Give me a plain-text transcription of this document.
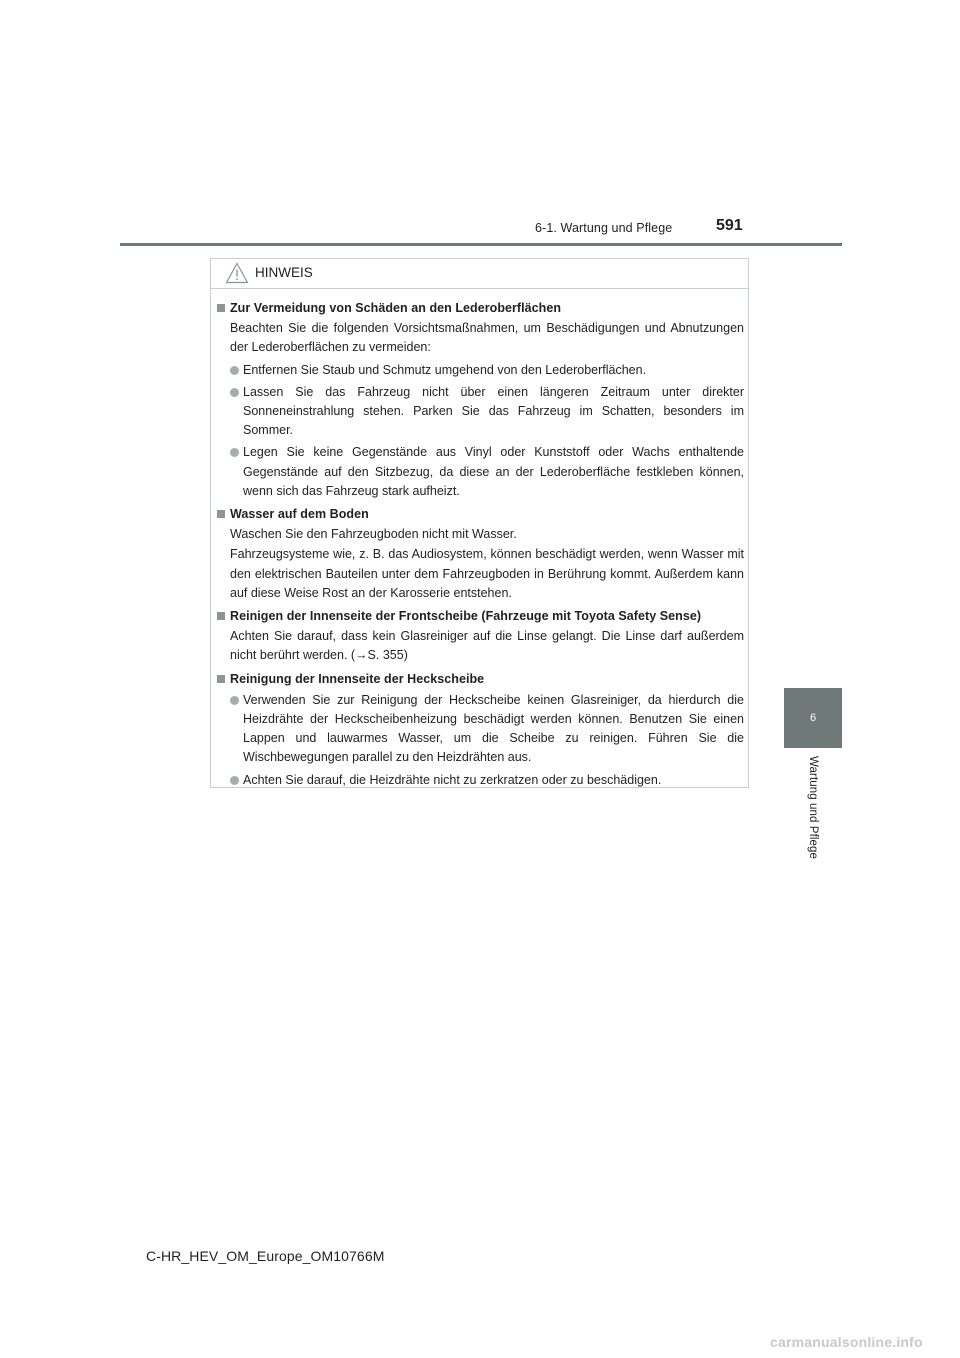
6-1. Wartung und Pflege	591
6
Wartung und Pflege
HINWEIS
Zur Vermeidung von Schäden an den Lederoberflächen
Beachten Sie die folgenden Vorsichtsmaßnahmen, um Beschädigungen und Abnutzungen der Lederoberflächen zu vermeiden:
Entfernen Sie Staub und Schmutz umgehend von den Lederoberflächen.
Lassen Sie das Fahrzeug nicht über einen längeren Zeitraum unter direkter Sonneneinstrahlung stehen. Parken Sie das Fahrzeug im Schatten, besonders im Sommer.
Legen Sie keine Gegenstände aus Vinyl oder Kunststoff oder Wachs enthaltende Gegenstände auf den Sitzbezug, da diese an der Lederoberfläche festkleben können, wenn sich das Fahrzeug stark aufheizt.
Wasser auf dem Boden
Waschen Sie den Fahrzeugboden nicht mit Wasser.
Fahrzeugsysteme wie, z. B. das Audiosystem, können beschädigt werden, wenn Wasser mit den elektrischen Bauteilen unter dem Fahrzeugboden in Berührung kommt. Außerdem kann auf diese Weise Rost an der Karosserie entstehen.
Reinigen der Innenseite der Frontscheibe (Fahrzeuge mit Toyota Safety Sense)
Achten Sie darauf, dass kein Glasreiniger auf die Linse gelangt. Die Linse darf außerdem nicht berührt werden. (→S. 355)
Reinigung der Innenseite der Heckscheibe
Verwenden Sie zur Reinigung der Heckscheibe keinen Glasreiniger, da hierdurch die Heizdrähte der Heckscheibenheizung beschädigt werden können. Benutzen Sie einen Lappen und lauwarmes Wasser, um die Scheibe zu reinigen. Führen Sie die Wischbewegungen parallel zu den Heizdrähten aus.
Achten Sie darauf, die Heizdrähte nicht zu zerkratzen oder zu beschädigen.
C-HR_HEV_OM_Europe_OM10766M
carmanualsonline.info
